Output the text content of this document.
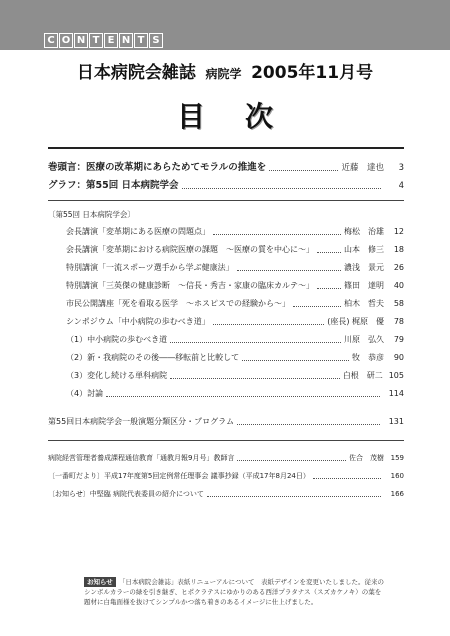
C O N T E N T S
日本病院会雑誌 病院学 2005年11月号
目次
巻頭言：医療の改革期にあらためてモラルの推進を	近藤　達也	3
グラフ：第55回 日本病院学会	4
〔第55回 日本病院学会〕
会長講演「変革期にある医療の問題点」	梅松　治雄	12
会長講演「変革期における病院医療の課題　～医療の質を中心に～」	山本　修三	18
特別講演「一流スポーツ選手から学ぶ健康法」	濃浅　景元	26
特別講演「三英傑の健康診断　～信長・秀吉・家康の臨床カルテ～」	篠田　達明	40
市民公開講座「死を看取る医学　～ホスピスでの経験から～」	柏木　哲夫	58
シンポジウム「中小病院の歩むべき道」	(座長) 梶原　優	78
（1）中小病院の歩むべき道	川原　弘久	79
（2）新・我病院のその後――移転前と比較して	牧　恭彦	90
（3）変化し続ける単科病院	白根　研二 105
（4）討論	114
第55回日本病院学会一般演題分類区分・プログラム	131
病院経営管理者養成課程通信教育「通教月報9月号」教師言	佐合　茂樹 159
〔一番町だより〕平成17年度第5回定例常任理事会 議事抄録（平成17年8月24日）	160
〔お知らせ〕中堅臨 病院代表委員の紹介について	166
お知らせ 「日本病院会雑誌」表紙リニューアルについて　表紙デザインを変更いたしました。従来のシンボルカラーの緑を引き継ぎ、ヒポクラテスにゆかりのある西洋プラタナス（スズカケノキ）の葉を題材に白亀面様を抜けてシンプルかつ落ち着きのあるイメージに仕上げました。
